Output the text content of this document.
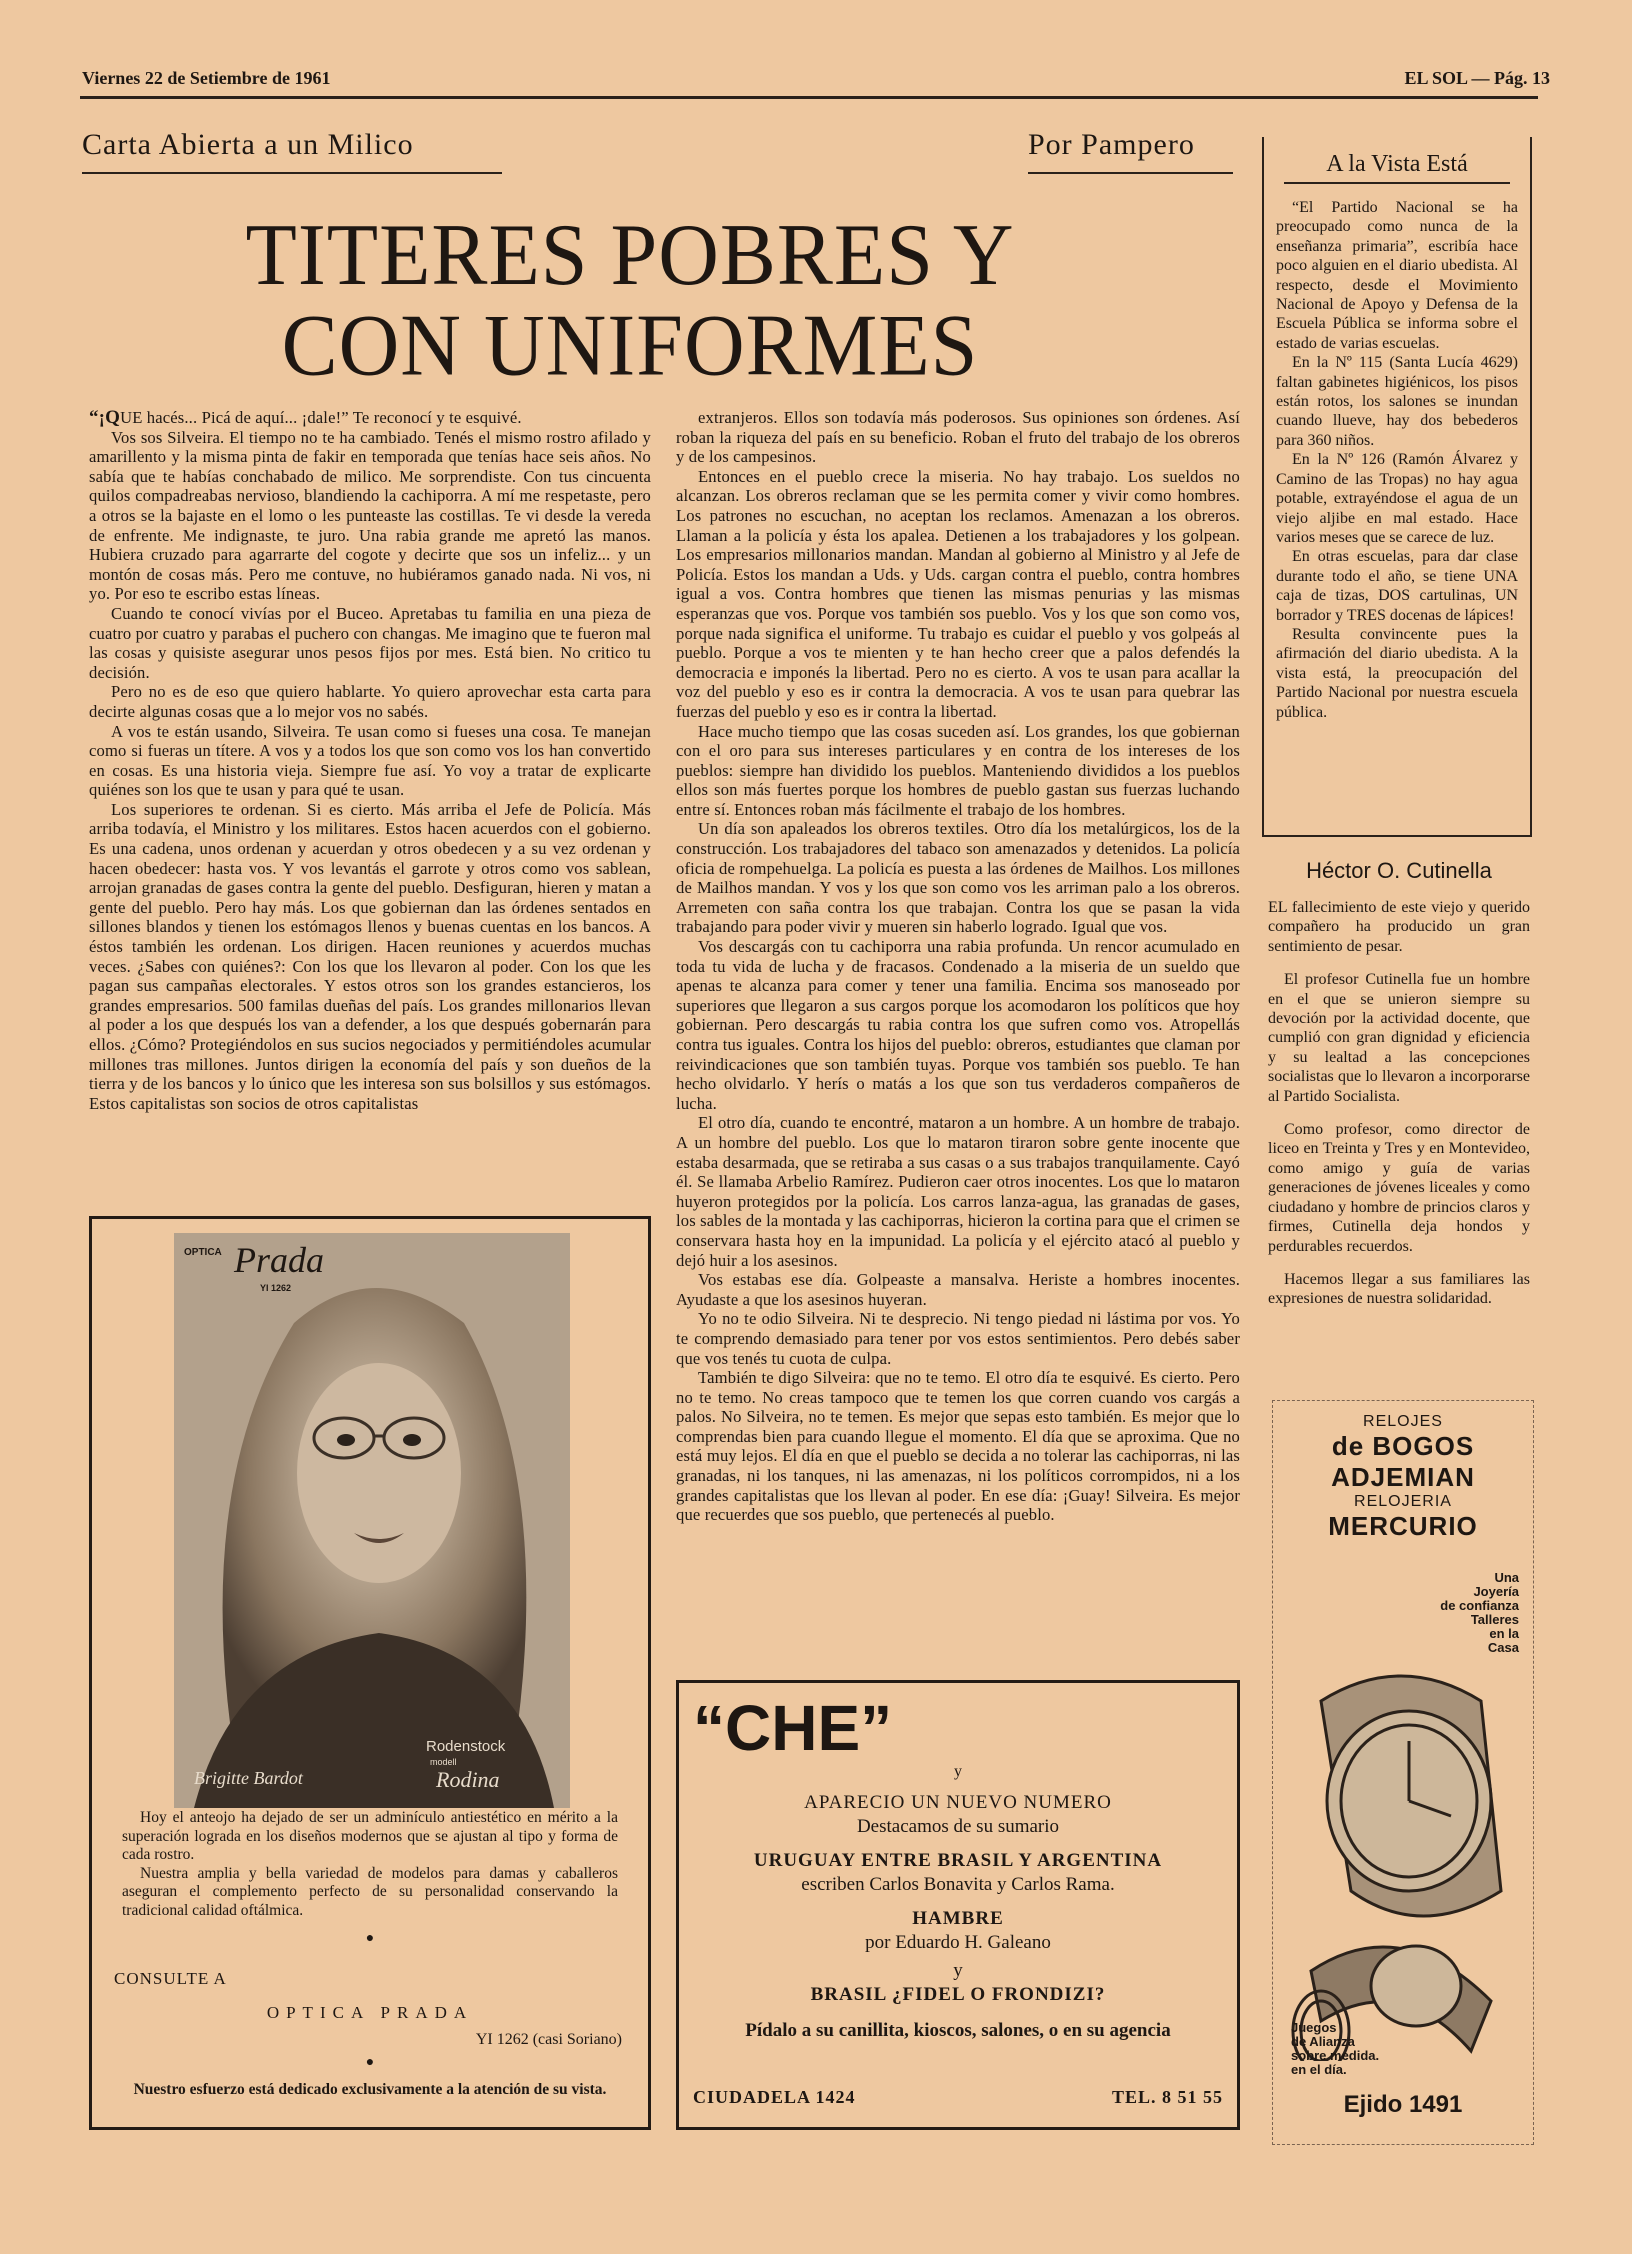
Viernes 22 de Setiembre de 1961	EL SOL — Pág. 13
Carta Abierta a un Milico	Por Pampero
TITERES POBRES Y
CON UNIFORMES

“¡QUE hacés... Picá de aquí... ¡dale!” Te reconocí y te esquivé.

Vos sos Silveira. El tiempo no te ha cambiado. Tenés el mismo rostro afilado y amarillento y la misma pinta de fakir en temporada que tenías hace seis años. No sabía que te habías conchabado de milico. Me sorprendiste. Con tus cincuenta quilos compadreabas nervioso, blandiendo la cachiporra. A mí me respetaste, pero a otros se la bajaste en el lomo o les punteaste las costillas. Te vi desde la vereda de enfrente. Me indignaste, te juro. Una rabia grande me apretó las manos. Hubiera cruzado para agarrarte del cogote y decirte que sos un infeliz... y un montón de cosas más. Pero me contuve, no hubiéramos ganado nada. Ni vos, ni yo. Por eso te escribo estas líneas.

Cuando te conocí vivías por el Buceo. Apretabas tu familia en una pieza de cuatro por cuatro y parabas el puchero con changas. Me imagino que te fueron mal las cosas y quisiste asegurar unos pesos fijos por mes. Está bien. No critico tu decisión.

Pero no es de eso que quiero hablarte. Yo quiero aprovechar esta carta para decirte algunas cosas que a lo mejor vos no sabés.

A vos te están usando, Silveira. Te usan como si fueses una cosa. Te manejan como si fueras un títere. A vos y a todos los que son como vos los han convertido en cosas. Es una historia vieja. Siempre fue así. Yo voy a tratar de explicarte quiénes son los que te usan y para qué te usan.

Los superiores te ordenan. Si es cierto. Más arriba el Jefe de Policía. Más arriba todavía, el Ministro y los militares. Estos hacen acuerdos con el gobierno. Es una cadena, unos ordenan y acuerdan y otros obedecen y a su vez ordenan y hacen obedecer: hasta vos. Y vos levantás el garrote y otros como vos sablean, arrojan granadas de gases contra la gente del pueblo. Desfiguran, hieren y matan a gente del pueblo. Pero hay más. Los que gobiernan dan las órdenes sentados en sillones blandos y tienen los estómagos llenos y buenas cuentas en los bancos. A éstos también les ordenan. Los dirigen. Hacen reuniones y acuerdos muchas veces. ¿Sabes con quiénes?: Con los que los llevaron al poder. Con los que les pagan sus campañas electorales. Y estos otros son los grandes estancieros, los grandes empresarios. 500 familas dueñas del país. Los grandes millonarios llevan al poder a los que después los van a defender, a los que después gobernarán para ellos. ¿Cómo? Protegiéndolos en sus sucios negociados y permitiéndoles acumular millones tras millones. Juntos dirigen la economía del país y son dueños de la tierra y de los bancos y lo único que les interesa son sus bolsillos y sus estómagos. Estos capitalistas son socios de otros capitalistas

extranjeros. Ellos son todavía más poderosos. Sus opiniones son órdenes. Así roban la riqueza del país en su beneficio. Roban el fruto del trabajo de los obreros y de los campesinos.

Entonces en el pueblo crece la miseria. No hay trabajo. Los sueldos no alcanzan. Los obreros reclaman que se les permita comer y vivir como hombres. Los patrones no escuchan, no aceptan los reclamos. Amenazan a los obreros. Llaman a la policía y ésta los apalea. Detienen a los trabajadores y los golpean. Los empresarios millonarios mandan. Mandan al gobierno al Ministro y al Jefe de Policía. Estos los mandan a Uds. y Uds. cargan contra el pueblo, contra hombres igual a vos. Contra hombres que tienen las mismas penurias y las mismas esperanzas que vos. Porque vos también sos pueblo. Vos y los que son como vos, porque nada significa el uniforme. Tu trabajo es cuidar el pueblo y vos golpeás al pueblo. Porque a vos te mienten y te han hecho creer que a palos defendés la democracia e imponés la libertad. Pero no es cierto. A vos te usan para acallar la voz del pueblo y eso es ir contra la democracia. A vos te usan para quebrar las fuerzas del pueblo y eso es ir contra la libertad.

Hace mucho tiempo que las cosas suceden así. Los grandes, los que gobiernan con el oro para sus intereses particulares y en contra de los intereses de los pueblos: siempre han dividido los pueblos. Manteniendo divididos a los pueblos ellos son más fuertes porque los hombres de pueblo gastan sus fuerzas luchando entre sí. Entonces roban más fácilmente el trabajo de los hombres.

Un día son apaleados los obreros textiles. Otro día los metalúrgicos, los de la construcción. Los trabajadores del tabaco son amenazados y detenidos. La policía oficia de rompehuelga. La policía es puesta a las órdenes de Mailhos. Los millones de Mailhos mandan. Y vos y los que son como vos les arriman palo a los obreros. Arremeten con saña contra los que trabajan. Contra los que se pasan la vida trabajando para poder vivir y mueren sin haberlo logrado. Igual que vos.

Vos descargás con tu cachiporra una rabia profunda. Un rencor acumulado en toda tu vida de lucha y de fracasos. Condenado a la miseria de un sueldo que apenas te alcanza para comer y tener una familia. Encima sos manoseado por superiores que llegaron a sus cargos porque los acomodaron los políticos que hoy gobiernan. Pero descargás tu rabia contra los que sufren como vos. Atropellás contra tus iguales. Contra los hijos del pueblo: obreros, estudiantes que claman por reivindicaciones que son también tuyas. Porque vos también sos pueblo. Te han hecho olvidarlo. Y herís o matás a los que son tus verdaderos compañeros de lucha.

El otro día, cuando te encontré, mataron a un hombre. A un hombre de trabajo. A un hombre del pueblo. Los que lo mataron tiraron sobre gente inocente que estaba desarmada, que se retiraba a sus casas o a sus trabajos tranquilamente. Cayó él. Se llamaba Arbelio Ramírez. Pudieron caer otros inocentes. Los que lo mataron huyeron protegidos por la policía. Los carros lanza-agua, las granadas de gases, los sables de la montada y las cachiporras, hicieron la cortina para que el crimen se conservara hasta hoy en la impunidad. La policía y el ejército atacó al pueblo y dejó huir a los asesinos.

Vos estabas ese día. Golpeaste a mansalva. Heriste a hombres inocentes. Ayudaste a que los asesinos huyeran.

Yo no te odio Silveira. Ni te desprecio. Ni tengo piedad ni lástima por vos. Yo te comprendo demasiado para tener por vos estos sentimientos. Pero debés saber que vos tenés tu cuota de culpa.

También te digo Silveira: que no te temo. El otro día te esquivé. Es cierto. Pero no te temo. No creas tampoco que te temen los que corren cuando vos cargás a palos. No Silveira, no te temen. Es mejor que sepas esto también. Es mejor que lo comprendas bien para cuando llegue el momento. El día que se aproxima. Que no está muy lejos. El día en que el pueblo se decida a no tolerar las cachiporras, ni las granadas, ni los tanques, ni las amenazas, ni los políticos corrompidos, ni a los grandes capitalistas que los llevan al poder. En ese día: ¡Guay! Silveira. Es mejor que recuerdes que sos pueblo, que pertenecés al pueblo.

A la Vista Está

“El Partido Nacional se ha preocupado como nunca de la enseñanza primaria”, escribía hace poco alguien en el diario ubedista. Al respecto, desde el Movimiento Nacional de Apoyo y Defensa de la Escuela Pública se informa sobre el estado de varias escuelas.

En la Nº 115 (Santa Lucía 4629) faltan gabinetes higiénicos, los pisos están rotos, los salones se inundan cuando llueve, hay dos bebederos para 360 niños.

En la Nº 126 (Ramón Álvarez y Camino de las Tropas) no hay agua potable, extrayéndose el agua de un viejo aljibe en mal estado. Hace varios meses que se carece de luz.

En otras escuelas, para dar clase durante todo el año, se tiene UNA caja de tizas, DOS cartulinas, UN borrador y TRES docenas de lápices!

Resulta convincente pues la afirmación del diario ubedista. A la vista está, la preocupación del Partido Nacional por nuestra escuela pública.

Héctor O. Cutinella

EL fallecimiento de este viejo y querido compañero ha producido un gran sentimiento de pesar.

El profesor Cutinella fue un hombre en el que se unieron siempre su devoción por la actividad docente, que cumplió con gran dignidad y eficiencia y su lealtad a las concepciones socialistas que lo llevaron a incorporarse al Partido Socialista.

Como profesor, como director de liceo en Treinta y Tres y en Montevideo, como amigo y guía de varias generaciones de jóvenes liceales y como ciudadano y hombre de princios claros y firmes, Cutinella deja hondos y perdurables recuerdos.

Hacemos llegar a sus familiares las expresiones de nuestra solidaridad.

RELOJES
de BOGOS
ADJEMIAN
RELOJERIA
MERCURIO
Una
Joyería
de confianza
Talleres
en la
Casa
Juegos
de Alianza
sobre medida.
en el día.
Ejido 1491
OPTICA Prada
YI 1262
Brigitte Bardot
Rodenstock
modell
Rodina

Hoy el anteojo ha dejado de ser un adminículo antiestético en mérito a la superación lograda en los diseños modernos que se ajustan al tipo y forma de cada rostro.

Nuestra amplia y bella variedad de modelos para damas y caballeros aseguran el complemento perfecto de su personalidad conservando la tradicional calidad oftálmica.

●
CONSULTE A
OPTICA PRADA
YI 1262 (casi Soriano)
●
Nuestro esfuerzo está dedicado exclusivamente a la atención de su vista.
“CHE”
y
APARECIO UN NUEVO NUMERO
Destacamos de su sumario
URUGUAY ENTRE BRASIL Y ARGENTINA
escriben Carlos Bonavita y Carlos Rama.
HAMBRE
por Eduardo H. Galeano
y
BRASIL ¿FIDEL O FRONDIZI?
Pídalo a su canillita, kioscos, salones, o en su agencia
CIUDADELA 1424	TEL. 8 51 55
